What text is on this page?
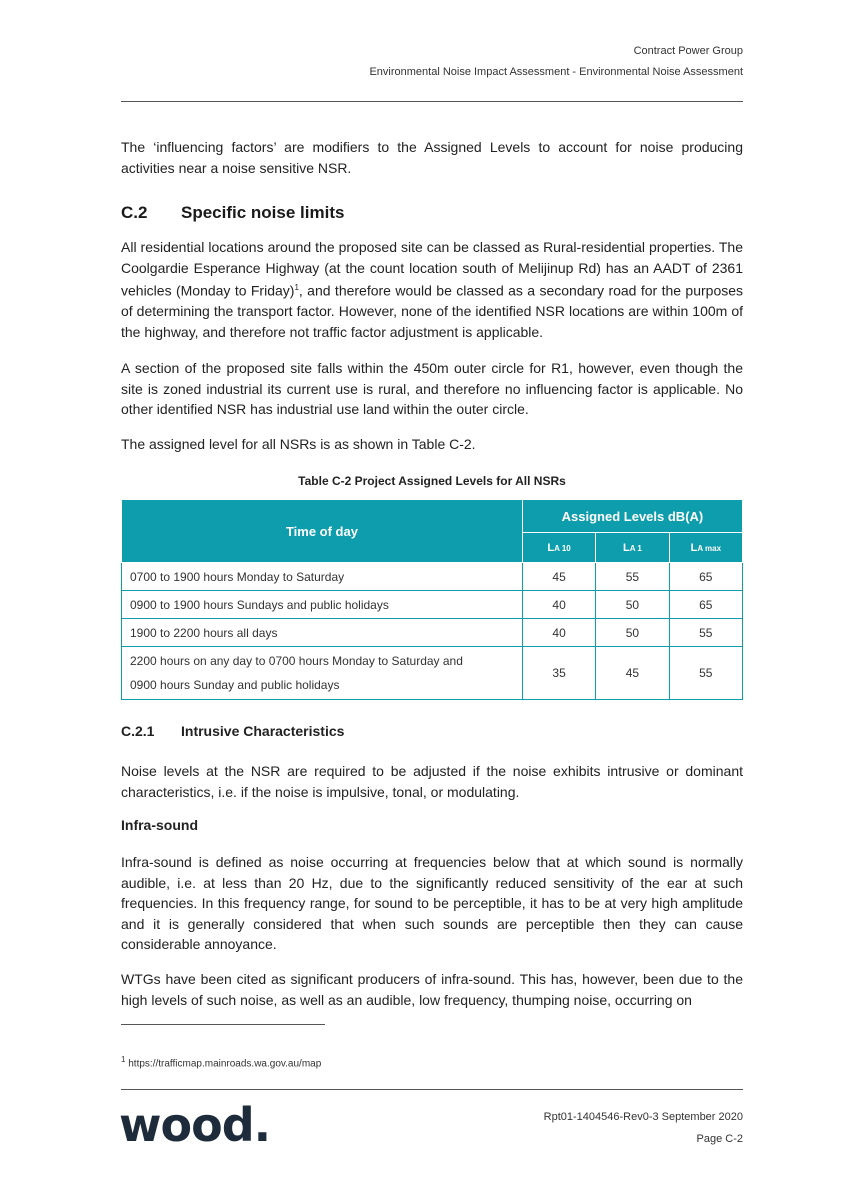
Contract Power Group
Environmental Noise Impact Assessment - Environmental Noise Assessment

The ‘influencing factors’ are modifiers to the Assigned Levels to account for noise producing activities near a noise sensitive NSR.

C.2 Specific noise limits

All residential locations around the proposed site can be classed as Rural-residential properties. The Coolgardie Esperance Highway (at the count location south of Melijinup Rd) has an AADT of 2361 vehicles (Monday to Friday)$^1$, and therefore would be classed as a secondary road for the purposes of determining the transport factor. However, none of the identified NSR locations are within 100m of the highway, and therefore not traffic factor adjustment is applicable.

A section of the proposed site falls within the 450m outer circle for R1, however, even though the site is zoned industrial its current use is rural, and therefore no influencing factor is applicable. No other identified NSR has industrial use land within the outer circle.

The assigned level for all NSRs is as shown in Table C-2.

Table C-2 Project Assigned Levels for All NSRs
Time of day	Assigned Levels dB(A)		
	LA 10	LA 1	LA max
0700 to 1900 hours Monday to Saturday	45	55	65
0900 to 1900 hours Sundays and public holidays	40	50	65
1900 to 2200 hours all days	40	50	55

2200 hours on any day to 0700 hours Monday to Saturday and
0900 hours Sunday and public holidays	35	45	55
C.2.1 Intrusive Characteristics

Noise levels at the NSR are required to be adjusted if the noise exhibits intrusive or dominant characteristics, i.e. if the noise is impulsive, tonal, or modulating.

Infra-sound

Infra-sound is defined as noise occurring at frequencies below that at which sound is normally audible, i.e. at less than 20 Hz, due to the significantly reduced sensitivity of the ear at such frequencies. In this frequency range, for sound to be perceptible, it has to be at very high amplitude and it is generally considered that when such sounds are perceptible then they can cause considerable annoyance.

WTGs have been cited as significant producers of infra-sound. This has, however, been due to the high levels of such noise, as well as an audible, low frequency, thumping noise, occurring on

$^1$ https://trafficmap.mainroads.wa.gov.au/map
wood.	Rpt01-1404546-Rev0-3 September 2020
Page C-2
